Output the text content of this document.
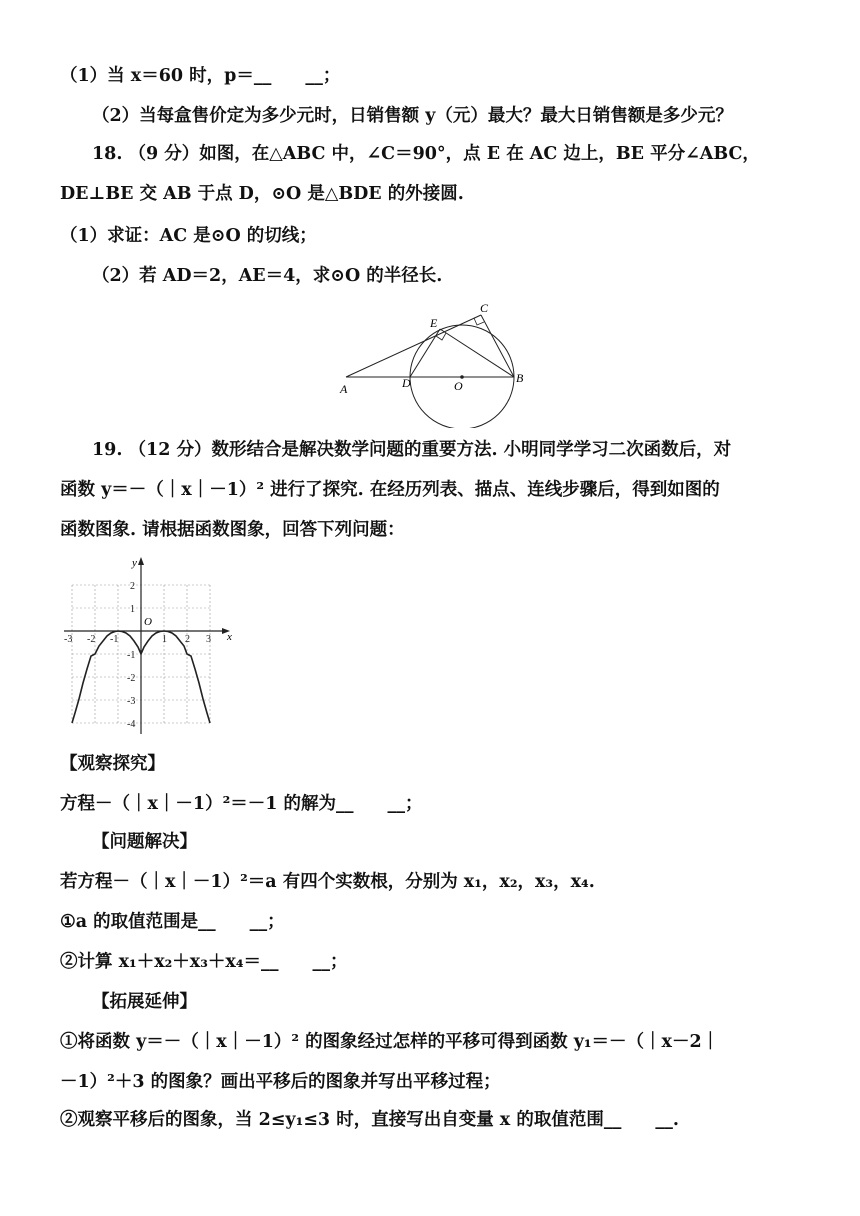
（1）当 x＝60 时，p＝__ __；
（2）当每盒售价定为多少元时，日销售额 y（元）最大？最大日销售额是多少元？
18. （9 分）如图，在△ABC 中，∠C＝90°，点 E 在 AC 边上，BE 平分∠ABC，
DE⊥BE 交 AB 于点 D，⊙O 是△BDE 的外接圆.
（1）求证：AC 是⊙O 的切线；
（2）若 AD＝2，AE＝4，求⊙O 的半径长.
A
B
C
D
E
O
19. （12 分）数形结合是解决数学问题的重要方法. 小明同学学习二次函数后，对
函数 y＝－（｜x｜－1）² 进行了探究. 在经历列表、描点、连线步骤后，得到如图的
函数图象. 请根据函数图象，回答下列问题：
x
y
O
-3 -2 -1	1 2 3
2
1
-1
-2
-3
-4
【观察探究】
方程－（｜x｜－1）²＝－1 的解为__ __；
【问题解决】
若方程－（｜x｜－1）²＝a 有四个实数根，分别为 x₁，x₂，x₃，x₄.
①a 的取值范围是__ __；
②计算 x₁＋x₂＋x₃＋x₄＝__ __；
【拓展延伸】
①将函数 y＝－（｜x｜－1）² 的图象经过怎样的平移可得到函数 y₁＝－（｜x－2｜
－1）²＋3 的图象？画出平移后的图象并写出平移过程；
②观察平移后的图象，当 2≤y₁≤3 时，直接写出自变量 x 的取值范围__ __.
